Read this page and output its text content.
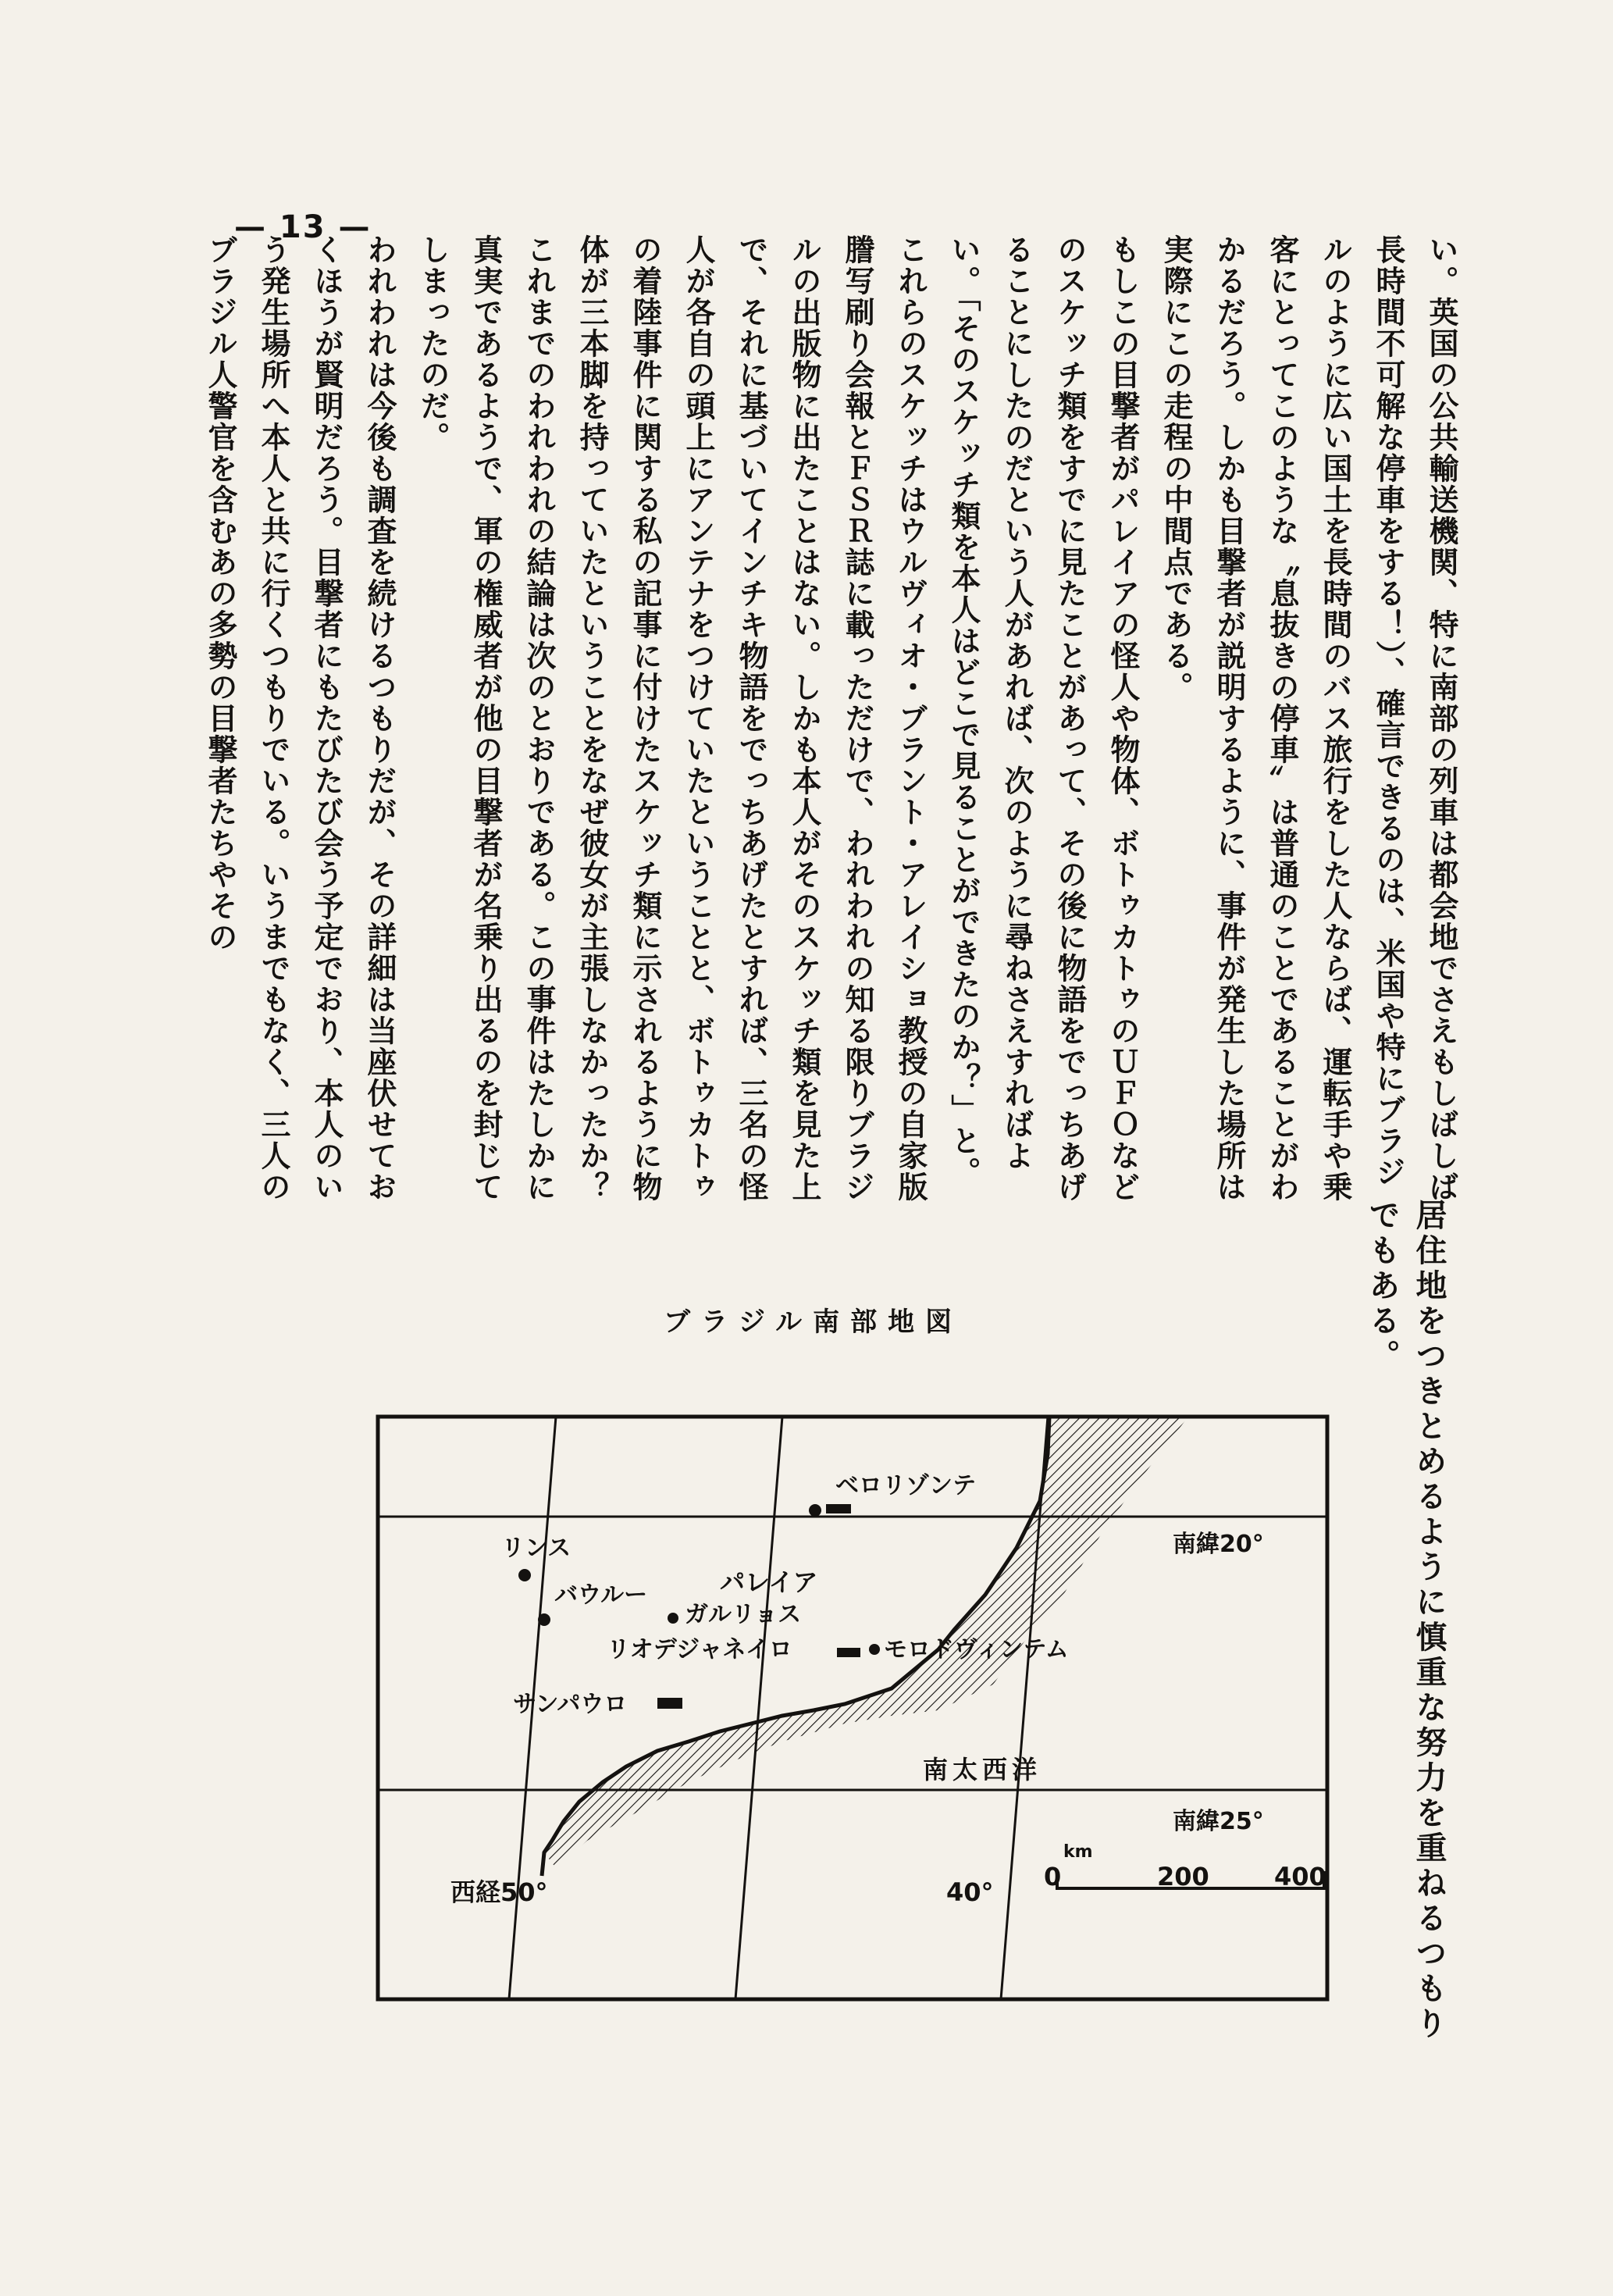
— 13 —

い。英国の公共輸送機関、特に南部の列車は都会地でさえもしばしば長時間不可解な停車をする！）、確言できるのは、米国や特にブラジルのように広い国土を長時間のバス旅行をした人ならば、運転手や乗客にとってこのような〝息抜きの停車〟は普通のことであることがわかるだろう。しかも目撃者が説明するように、事件が発生した場所は実際にこの走程の中間点である。

もしこの目撃者がパレイアの怪人や物体、ボトゥカトゥのＵＦＯなどのスケッチ類をすでに見たことがあって、その後に物語をでっちあげることにしたのだという人があれば、次のように尋ねさえすればよい。「そのスケッチ類を本人はどこで見ることができたのか？」と。これらのスケッチはウルヴィオ・ブラント・アレイショ教授の自家版謄写刷り会報とＦＳＲ誌に載っただけで、われわれの知る限りブラジルの出版物に出たことはない。しかも本人がそのスケッチ類を見た上で、それに基づいてインチキ物語をでっちあげたとすれば、三名の怪人が各自の頭上にアンテナをつけていたということと、ボトゥカトゥの着陸事件に関する私の記事に付けたスケッチ類に示されるように物体が三本脚を持っていたということをなぜ彼女が主張しなかったか？

これまでのわれわれの結論は次のとおりである。この事件はたしかに真実であるようで、軍の権威者が他の目撃者が名乗り出るのを封じてしまったのだ。

われわれは今後も調査を続けるつもりだが、その詳細は当座伏せておくほうが賢明だろう。目撃者にもたびたび会う予定でおり、本人のいう発生場所へ本人と共に行くつもりでいる。いうまでもなく、三人のブラジル人警官を含むあの多勢の目撃者たちやその

居住地をつきとめるように慎重な努力を重ねるつもりでもある。
ブラジル南部地図
ベロリゾンテ
リンス
バウルー	パレイア
ガルリョス
リオデジャネイロ	モロドヴィンテム
サンパウロ
南太西洋
南緯20°
南緯25°
西経50°	40°
0
km
200	400
